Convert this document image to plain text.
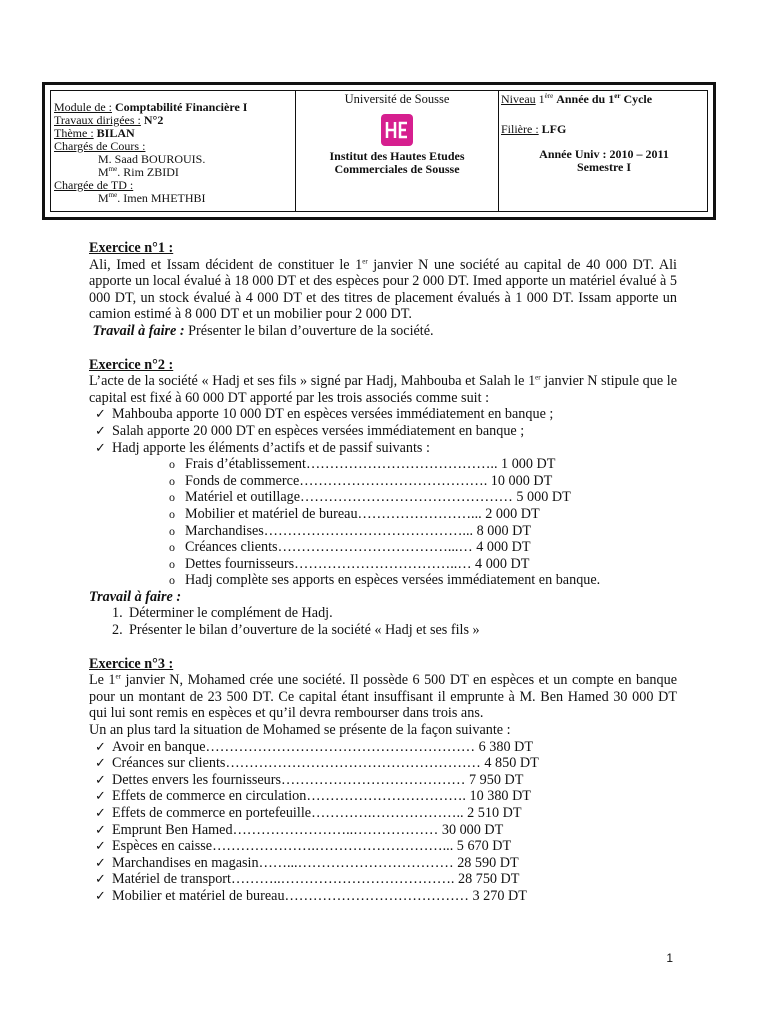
Module de : Comptabilité Financière I
Travaux dirigées : N°2
Thème : BILAN
Chargés de Cours :
M. Saad BOUROUIS.
$M^{me}$. Rim ZBIDI
Chargée de TD :
$M^{me}$. Imen MHETHBI
Université de Sousse
Institut des Hautes Etudes
Commerciales de Sousse
Niveau 1ère Année du 1er Cycle
Filière : LFG
Année Univ : 2010 – 2011
Semestre I
Exercice n°1 :
Ali, Imed et Issam décident de constituer le 1er janvier N une société au capital de 40 000 DT. Ali apporte un local évalué à 18 000 DT et des espèces pour 2 000 DT. Imed apporte un matériel évalué à 5 000 DT, un stock évalué à 4 000 DT et des titres de placement évalués à 1 000 DT. Issam apporte un camion estimé à 8 000 DT et un mobilier pour 2 000 DT.
Travail à faire : Présenter le bilan d’ouverture de la société.
Exercice n°2 :
L’acte de la société « Hadj et ses fils » signé par Hadj, Mahbouba et Salah le 1er janvier N stipule que le capital est fixé à 60 000 DT apporté par les trois associés comme suit :
✓ Mahbouba apporte 10 000 DT en espèces versées immédiatement en banque ;
✓ Salah apporte 20 000 DT en espèces versées immédiatement en banque ;
✓ Hadj apporte les éléments d’actifs et de passif suivants :
o Frais d’établissement………………………………….. 1 000 DT
o Fonds de commerce…………………………………. 10 000 DT
o Matériel et outillage……………………………………… 5 000 DT
o Mobilier et matériel de bureau……………………... 2 000 DT
o Marchandises……………………………………... 8 000 DT
o Créances clients………………………………...… 4 000 DT
o Dettes fournisseurs……………………………..… 4 000 DT
o Hadj complète ses apports en espèces versées immédiatement en banque.
Travail à faire :
1. Déterminer le complément de Hadj.
2. Présenter le bilan d’ouverture de la société « Hadj et ses fils »
Exercice n°3 :
Le 1er janvier N, Mohamed crée une société. Il possède 6 500 DT en espèces et un compte en banque pour un montant de 23 500 DT. Ce capital étant insuffisant il emprunte à M. Ben Hamed 30 000 DT qui lui sont remis en espèces et qu’il devra rembourser dans trois ans.
Un an plus tard la situation de Mohamed se présente de la façon suivante :
✓ Avoir en banque………………………………………………… 6 380 DT
✓ Créances sur clients……………………………………………… 4 850 DT
✓ Dettes envers les fournisseurs………………………………… 7 950 DT
✓ Effets de commerce en circulation……………………………. 10 380 DT
✓ Effets de commerce en portefeuille………….……………….. 2 510 DT
✓ Emprunt Ben Hamed……………………..……………… 30 000 DT
✓ Espèces en caisse………………….………………………... 5 670 DT
✓ Marchandises en magasin……...…………………………… 28 590 DT
✓ Matériel de transport………..………………………………. 28 750 DT
✓ Mobilier et matériel de bureau………………………………… 3 270 DT
1
